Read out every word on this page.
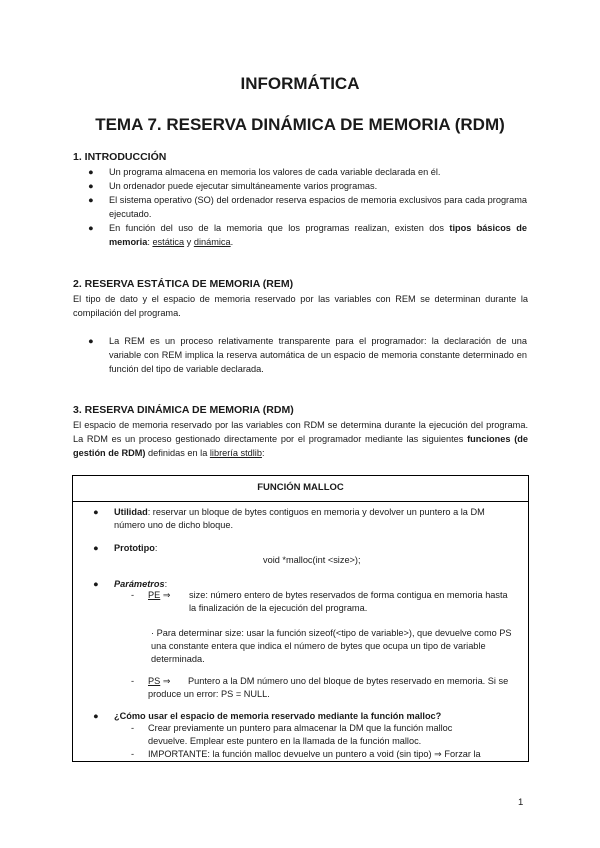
INFORMÁTICA
TEMA 7. RESERVA DINÁMICA DE MEMORIA (RDM)
1. INTRODUCCIÓN
● Un programa almacena en memoria los valores de cada variable declarada en él.
● Un ordenador puede ejecutar simultáneamente varios programas.
● El sistema operativo (SO) del ordenador reserva espacios de memoria exclusivos para cada programa ejecutado.
● En función del uso de la memoria que los programas realizan, existen dos tipos básicos de memoria: estática y dinámica.
2. RESERVA ESTÁTICA DE MEMORIA (REM)
El tipo de dato y el espacio de memoria reservado por las variables con REM se determinan durante la compilación del programa.
● La REM es un proceso relativamente transparente para el programador: la declaración de una variable con REM implica la reserva automática de un espacio de memoria constante determinado en función del tipo de variable declarada.
3. RESERVA DINÁMICA DE MEMORIA (RDM)
El espacio de memoria reservado por las variables con RDM se determina durante la ejecución del programa. La RDM es un proceso gestionado directamente por el programador mediante las siguientes funciones (de gestión de RDM) definidas en la librería stdlib:
FUNCIÓN MALLOC
● Utilidad: reservar un bloque de bytes contiguos en memoria y devolver un puntero a la DM número uno de dicho bloque.
● Prototipo:
void *malloc(int <size>);
● Parámetros:
- PE ⇒ size: número entero de bytes reservados de forma contigua en memoria hasta la finalización de la ejecución del programa.
· Para determinar size: usar la función sizeof(<tipo de variable>), que devuelve como PS una constante entera que indica el número de bytes que ocupa un tipo de variable determinada.
- PS ⇒	Puntero a la DM número uno del bloque de bytes reservado en memoria. Si se produce un error: PS = NULL.
● ¿Cómo usar el espacio de memoria reservado mediante la función malloc?
- Crear previamente un puntero para almacenar la DM que la función malloc devuelve. Emplear este puntero en la llamada de la función malloc.
- IMPORTANTE: la función malloc devuelve un puntero a void (sin tipo) ⇒ Forzar la
1
